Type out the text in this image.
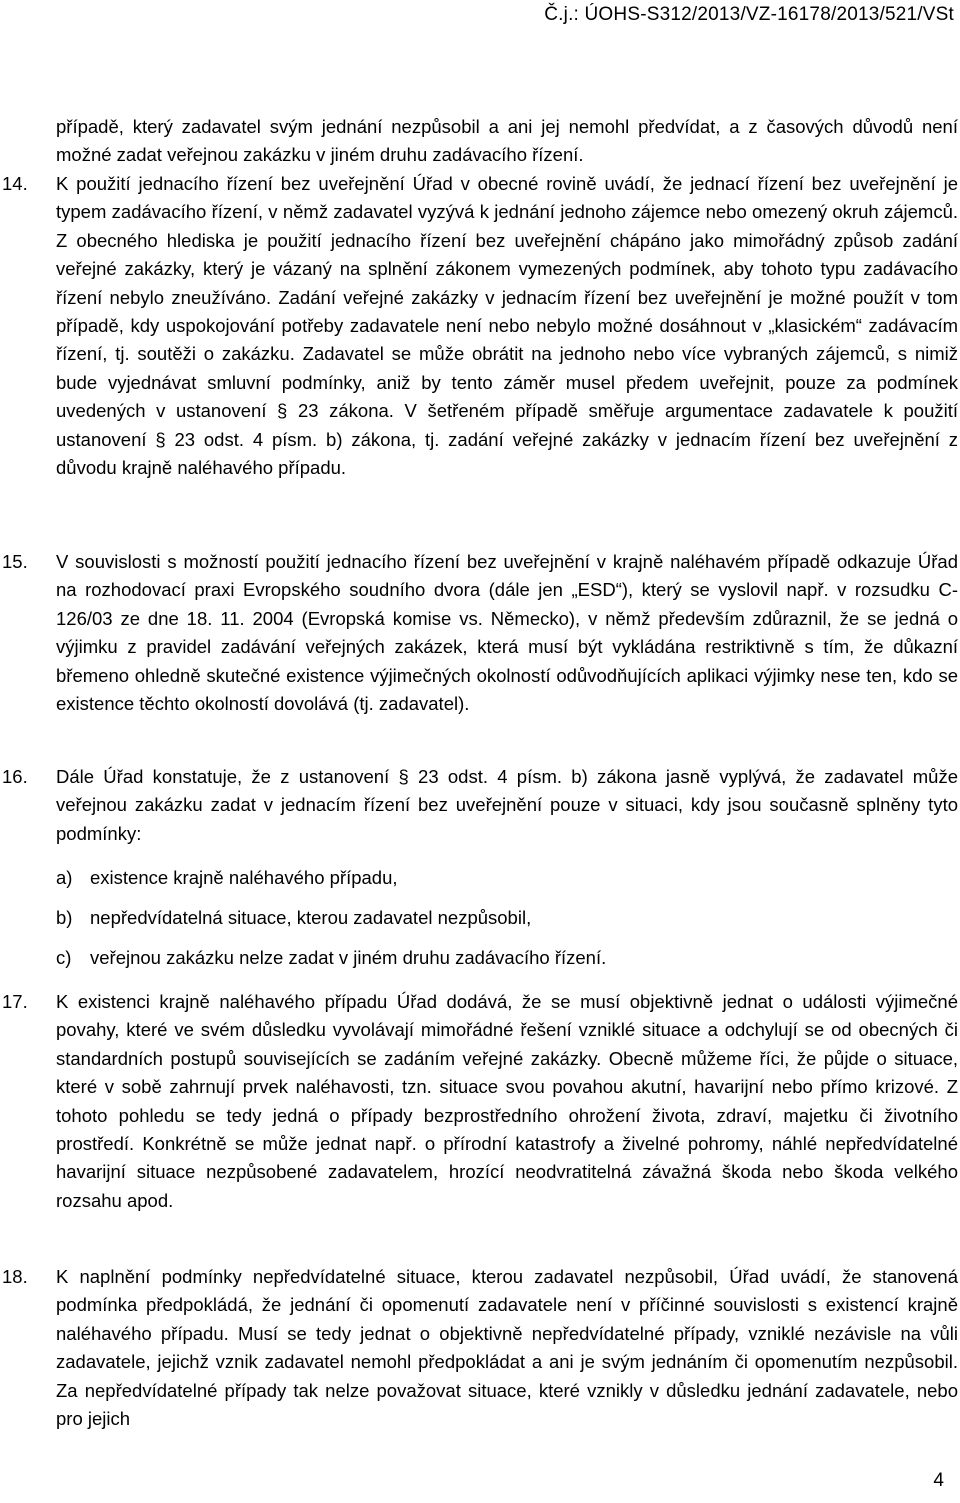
Č.j.: ÚOHS-S312/2013/VZ-16178/2013/521/VSt
případě, který zadavatel svým jednání nezpůsobil a ani jej nemohl předvídat, a z časových důvodů není možné zadat veřejnou zakázku v jiném druhu zadávacího řízení.
14. K použití jednacího řízení bez uveřejnění Úřad v obecné rovině uvádí, že jednací řízení bez uveřejnění je typem zadávacího řízení, v němž zadavatel vyzývá k jednání jednoho zájemce nebo omezený okruh zájemců. Z obecného hlediska je použití jednacího řízení bez uveřejnění chápáno jako mimořádný způsob zadání veřejné zakázky, který je vázaný na splnění zákonem vymezených podmínek, aby tohoto typu zadávacího řízení nebylo zneužíváno. Zadání veřejné zakázky v jednacím řízení bez uveřejnění je možné použít v tom případě, kdy uspokojování potřeby zadavatele není nebo nebylo možné dosáhnout v „klasickém“ zadávacím řízení, tj. soutěži o zakázku. Zadavatel se může obrátit na jednoho nebo více vybraných zájemců, s nimiž bude vyjednávat smluvní podmínky, aniž by tento záměr musel předem uveřejnit, pouze za podmínek uvedených v ustanovení § 23 zákona. V šetřeném případě směřuje argumentace zadavatele k použití ustanovení § 23 odst. 4 písm. b) zákona, tj. zadání veřejné zakázky v jednacím řízení bez uveřejnění z důvodu krajně naléhavého případu.
15. V souvislosti s možností použití jednacího řízení bez uveřejnění v krajně naléhavém případě odkazuje Úřad na rozhodovací praxi Evropského soudního dvora (dále jen „ESD“), který se vyslovil např. v rozsudku C-126/03 ze dne 18. 11. 2004 (Evropská komise vs. Německo), v němž především zdůraznil, že se jedná o výjimku z pravidel zadávání veřejných zakázek, která musí být vykládána restriktivně s tím, že důkazní břemeno ohledně skutečné existence výjimečných okolností odůvodňujících aplikaci výjimky nese ten, kdo se existence těchto okolností dovolává (tj. zadavatel).
16. Dále Úřad konstatuje, že z ustanovení § 23 odst. 4 písm. b) zákona jasně vyplývá, že zadavatel může veřejnou zakázku zadat v jednacím řízení bez uveřejnění pouze v situaci, kdy jsou současně splněny tyto podmínky:
a) existence krajně naléhavého případu,
b) nepředvídatelná situace, kterou zadavatel nezpůsobil,
c) veřejnou zakázku nelze zadat v jiném druhu zadávacího řízení.
17. K existenci krajně naléhavého případu Úřad dodává, že se musí objektivně jednat o události výjimečné povahy, které ve svém důsledku vyvolávají mimořádné řešení vzniklé situace a odchylují se od obecných či standardních postupů souvisejících se zadáním veřejné zakázky. Obecně můžeme říci, že půjde o situace, které v sobě zahrnují prvek naléhavosti, tzn. situace svou povahou akutní, havarijní nebo přímo krizové. Z tohoto pohledu se tedy jedná o případy bezprostředního ohrožení života, zdraví, majetku či životního prostředí. Konkrétně se může jednat např. o přírodní katastrofy a živelné pohromy, náhlé nepředvídatelné havarijní situace nezpůsobené zadavatelem, hrozící neodvratitelná závažná škoda nebo škoda velkého rozsahu apod.
18. K naplnění podmínky nepředvídatelné situace, kterou zadavatel nezpůsobil, Úřad uvádí, že stanovená podmínka předpokládá, že jednání či opomenutí zadavatele není v příčinné souvislosti s existencí krajně naléhavého případu. Musí se tedy jednat o objektivně nepředvídatelné případy, vzniklé nezávisle na vůli zadavatele, jejichž vznik zadavatel nemohl předpokládat a ani je svým jednáním či opomenutím nezpůsobil. Za nepředvídatelné případy tak nelze považovat situace, které vznikly v důsledku jednání zadavatele, nebo pro jejich
4
